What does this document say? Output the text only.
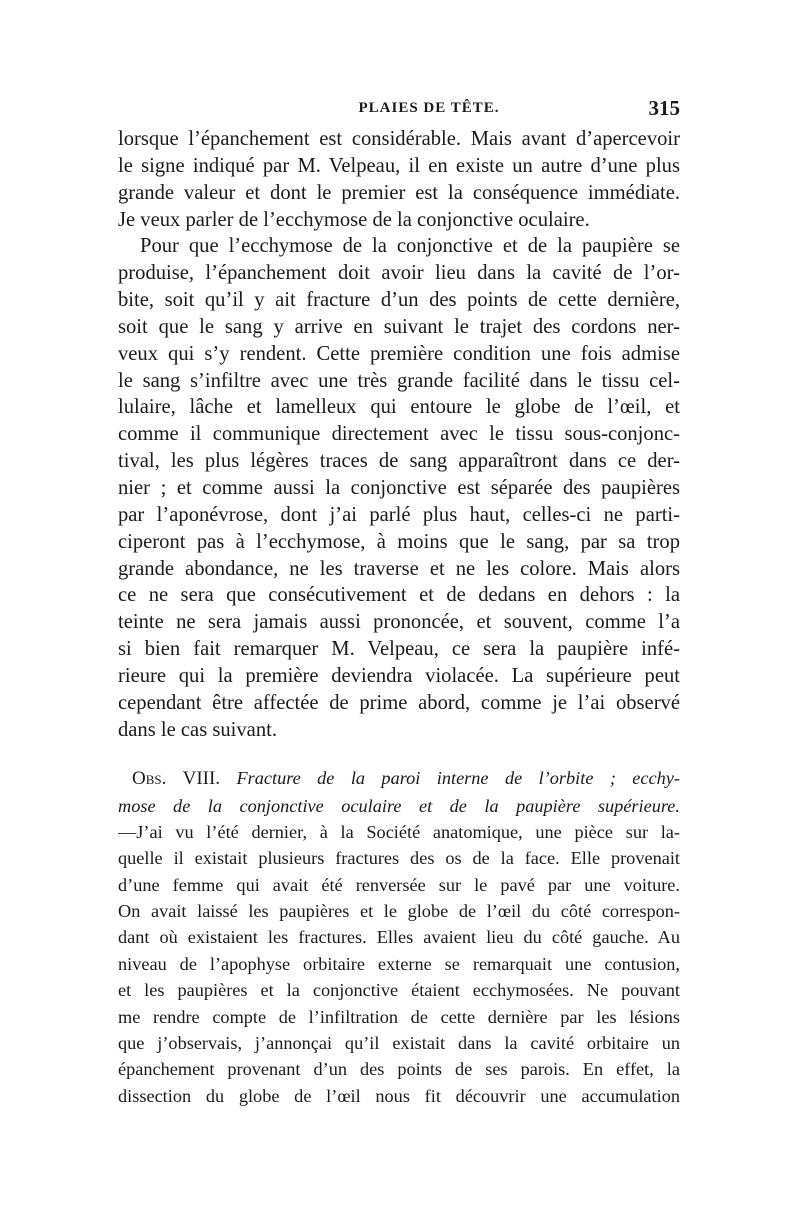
PLAIES DE TÊTE.	315
lorsque l’épanchement est considérable. Mais avant d’apercevoir
le signe indiqué par M. Velpeau, il en existe un autre d’une plus
grande valeur et dont le premier est la conséquence immédiate.
Je veux parler de l’ecchymose de la conjonctive oculaire.
Pour que l’ecchymose de la conjonctive et de la paupière se
produise, l’épanchement doit avoir lieu dans la cavité de l’or-
bite, soit qu’il y ait fracture d’un des points de cette dernière,
soit que le sang y arrive en suivant le trajet des cordons ner-
veux qui s’y rendent. Cette première condition une fois admise
le sang s’infiltre avec une très grande facilité dans le tissu cel-
lulaire, lâche et lamelleux qui entoure le globe de l’œil, et
comme il communique directement avec le tissu sous-conjonc-
tival, les plus légères traces de sang apparaîtront dans ce der-
nier ; et comme aussi la conjonctive est séparée des paupières
par l’aponévrose, dont j’ai parlé plus haut, celles-ci ne parti-
ciperont pas à l’ecchymose, à moins que le sang, par sa trop
grande abondance, ne les traverse et ne les colore. Mais alors
ce ne sera que consécutivement et de dedans en dehors : la
teinte ne sera jamais aussi prononcée, et souvent, comme l’a
si bien fait remarquer M. Velpeau, ce sera la paupière infé-
rieure qui la première deviendra violacée. La supérieure peut
cependant être affectée de prime abord, comme je l’ai observé
dans le cas suivant.
Obs. VIII. Fracture de la paroi interne de l’orbite ; ecchy-
mose de la conjonctive oculaire et de la paupière supérieure.
—J’ai vu l’été dernier, à la Société anatomique, une pièce sur la-
quelle il existait plusieurs fractures des os de la face. Elle provenait
d’une femme qui avait été renversée sur le pavé par une voiture.
On avait laissé les paupières et le globe de l’œil du côté correspon-
dant où existaient les fractures. Elles avaient lieu du côté gauche. Au
niveau de l’apophyse orbitaire externe se remarquait une contusion,
et les paupières et la conjonctive étaient ecchymosées. Ne pouvant
me rendre compte de l’infiltration de cette dernière par les lésions
que j’observais, j’annonçai qu’il existait dans la cavité orbitaire un
épanchement provenant d’un des points de ses parois. En effet, la
dissection du globe de l’œil nous fit découvrir une accumulation
